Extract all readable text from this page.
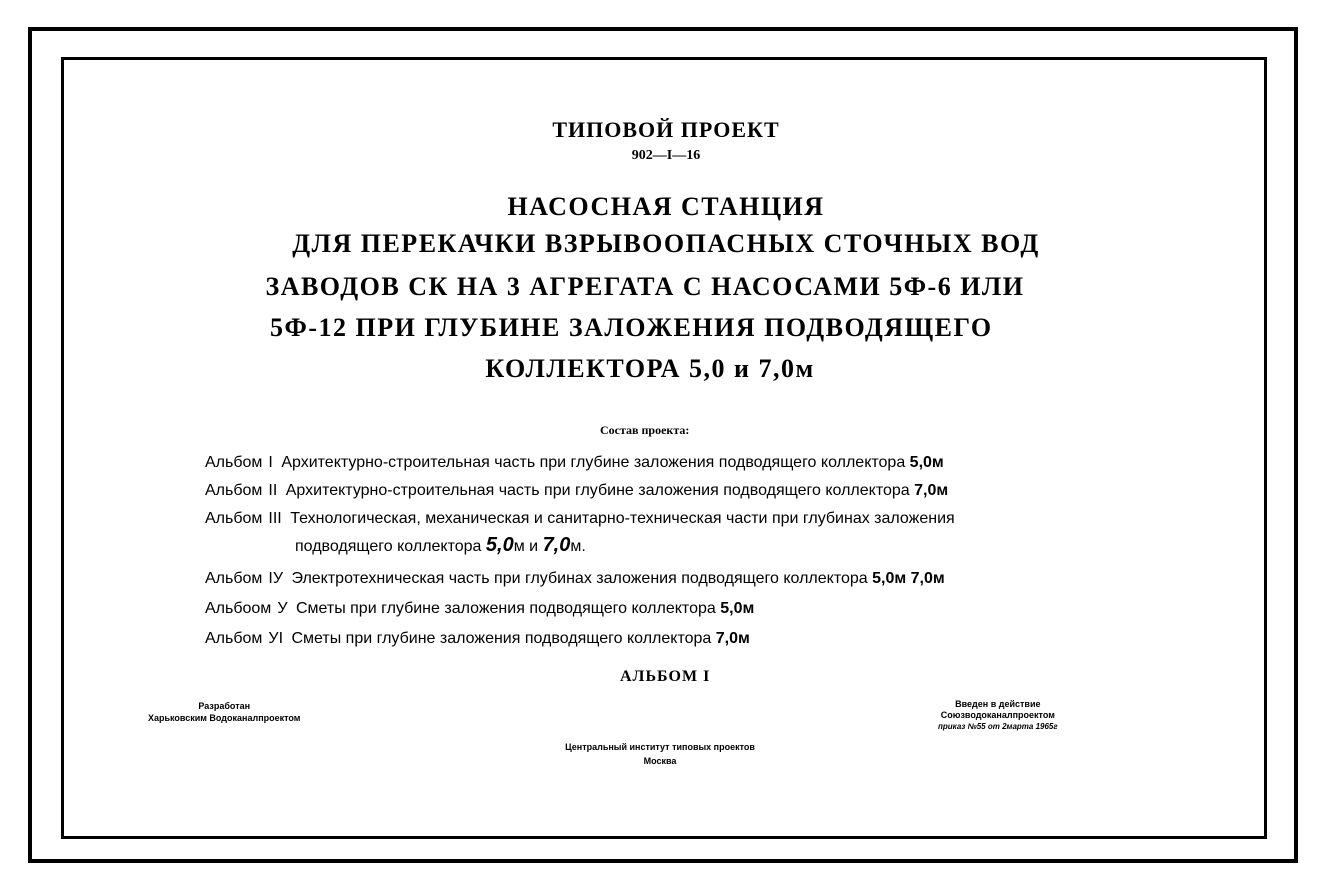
ТИПОВОЙ ПРОЕКТ
902—I—16
НАСОСНАЯ СТАНЦИЯ
ДЛЯ ПЕРЕКАЧКИ ВЗРЫВООПАСНЫХ СТОЧНЫХ ВОД
ЗАВОДОВ СК НА 3 АГРЕГАТА С НАСОСАМИ 5Ф-6 ИЛИ
5Ф-12 ПРИ ГЛУБИНЕ ЗАЛОЖЕНИЯ ПОДВОДЯЩЕГО
КОЛЛЕКТОРА 5,0 и 7,0м
Состав проекта:
Альбом I Архитектурно-строительная часть при глубине заложения подводящего коллектора 5,0м
Альбом II Архитектурно-строительная часть при глубине заложения подводящего коллектора 7,0м
Альбом III Технологическая, механическая и санитарно-техническая части при глубинах заложения
подводящего коллектора 5,0м и 7,0м.
Альбом IУ Электротехническая часть при глубинах заложения подводящего коллектора 5,0м 7,0м
Альбоом У Сметы при глубине заложения подводящего коллектора 5,0м
Альбом УI Сметы при глубине заложения подводящего коллектора 7,0м
АЛЬБОМ I
Разработан
Харьковским Водоканалпроектом
Введен в действие
Союзводоканалпроектом
приказ №55 от 2марта 1965г
Центральный институт типовых проектов
Москва
